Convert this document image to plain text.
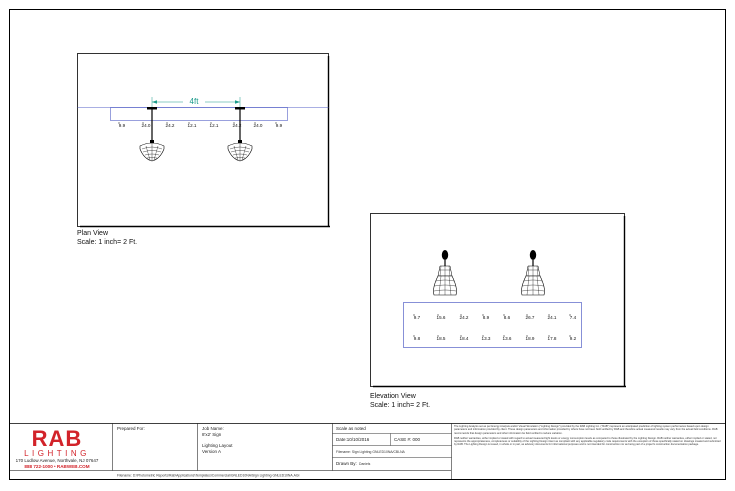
4ft
9.9	24.0	24.2	12.1	12.1	24.2	24.0	9.9
Plan View
Scale: 1 inch= 2 Ft.
9.7	15.6	24.2	8.9	8.6	26.7	24.1	7.4
9.8	18.5	18.4	13.3	13.6	18.9	17.8	9.2
Elevation View
Scale: 1 inch= 2 Ft.
RAB
LIGHTING
170 Ludlow Avenue, Northvale, NJ 07647
888 722-1000 • RABWEB.COM
Prepared For:	Job Name:
8'x2' Sign
Lighting Layout
Version A
Scale as noted
Date:10/10/2016	CASE #: 000
Filename: Sign Lighting GNLED10NA/CBLNA
Drawn By: Daniels
Filename: D:\Photometric Reports\Rab\Applications\Templates\Commercial\GNLED10NA\Sign Lighting GNLED10NA.AGI
The Lighting Analysis set as per Energy Analysis and/or Visual Simulation ("Lighting Design") provided by the RAB Lighting Inc. ("RAB") represent an anticipated prediction of lighting system performance based upon design parameters and information provided by client. These design parameters and information provided by others have not been field verified by RAB and therefore actual measured results may vary from the actual field conditions. RAB recommends that design parameters and other information be field verified to reduce variation.
RAB neither warranties, either implied or stated with regard to actual measured light levels or energy consumption levels as compared to those illustrated by the Lighting Design. RAB neither warranties, either implied or stated, nor represents the appropriateness, completeness or suitability of the Lighting Design intent as compliant with any applicable regulatory code requirements with the exception of those specifically stated on drawings created and submitted by RAB. The Lighting Design is issued, in whole or in part, as advisory documents for informational purposes and is not intended for construction nor as being part of a project's construction documentation package.
